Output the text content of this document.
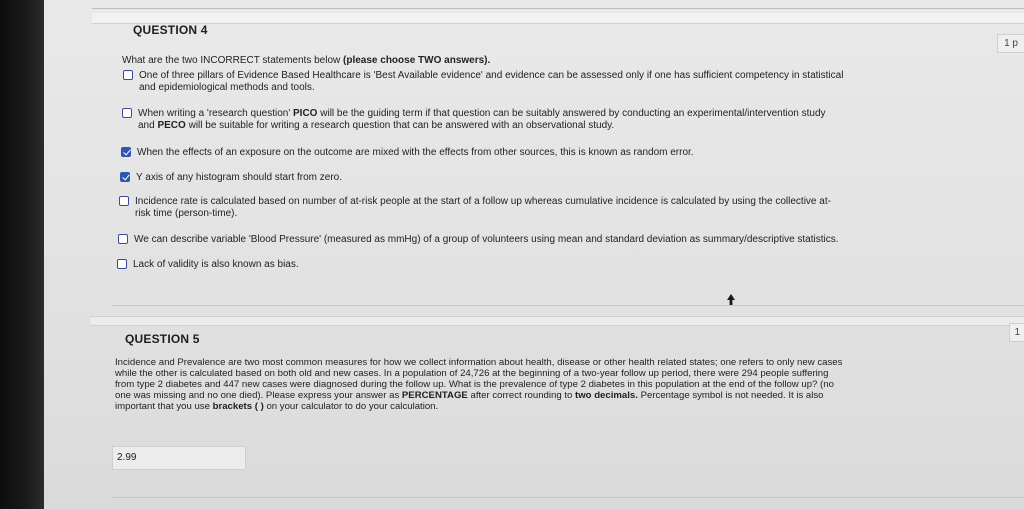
QUESTION 4
1 p
What are the two INCORRECT statements below (please choose TWO answers).
One of three pillars of Evidence Based Healthcare is 'Best Available evidence' and evidence can be assessed only if one has sufficient competency in statistical
and epidemiological methods and tools.
When writing a 'research question' PICO will be the guiding term if that question can be suitably answered by conducting an experimental/intervention study
and PECO will be suitable for writing a research question that can be answered with an observational study.
When the effects of an exposure on the outcome are mixed with the effects from other sources, this is known as random error.
Y axis of any histogram should start from zero.
Incidence rate is calculated based on number of at-risk people at the start of a follow up whereas cumulative incidence is calculated by using the collective at-
risk time (person-time).
We can describe variable 'Blood Pressure' (measured as mmHg) of a group of volunteers using mean and standard deviation as summary/descriptive statistics.
Lack of validity is also known as bias.
QUESTION 5	1
Incidence and Prevalence are two most common measures for how we collect information about health, disease or other health related states; one refers to only new cases
while the other is calculated based on both old and new cases. In a population of 24,726 at the beginning of a two-year follow up period, there were 294 people suffering
from type 2 diabetes and 447 new cases were diagnosed during the follow up. What is the prevalence of type 2 diabetes in this population at the end of the follow up? (no
one was missing and no one died). Please express your answer as PERCENTAGE after correct rounding to two decimals. Percentage symbol is not needed. It is also
important that you use brackets ( ) on your calculator to do your calculation.
2.99
